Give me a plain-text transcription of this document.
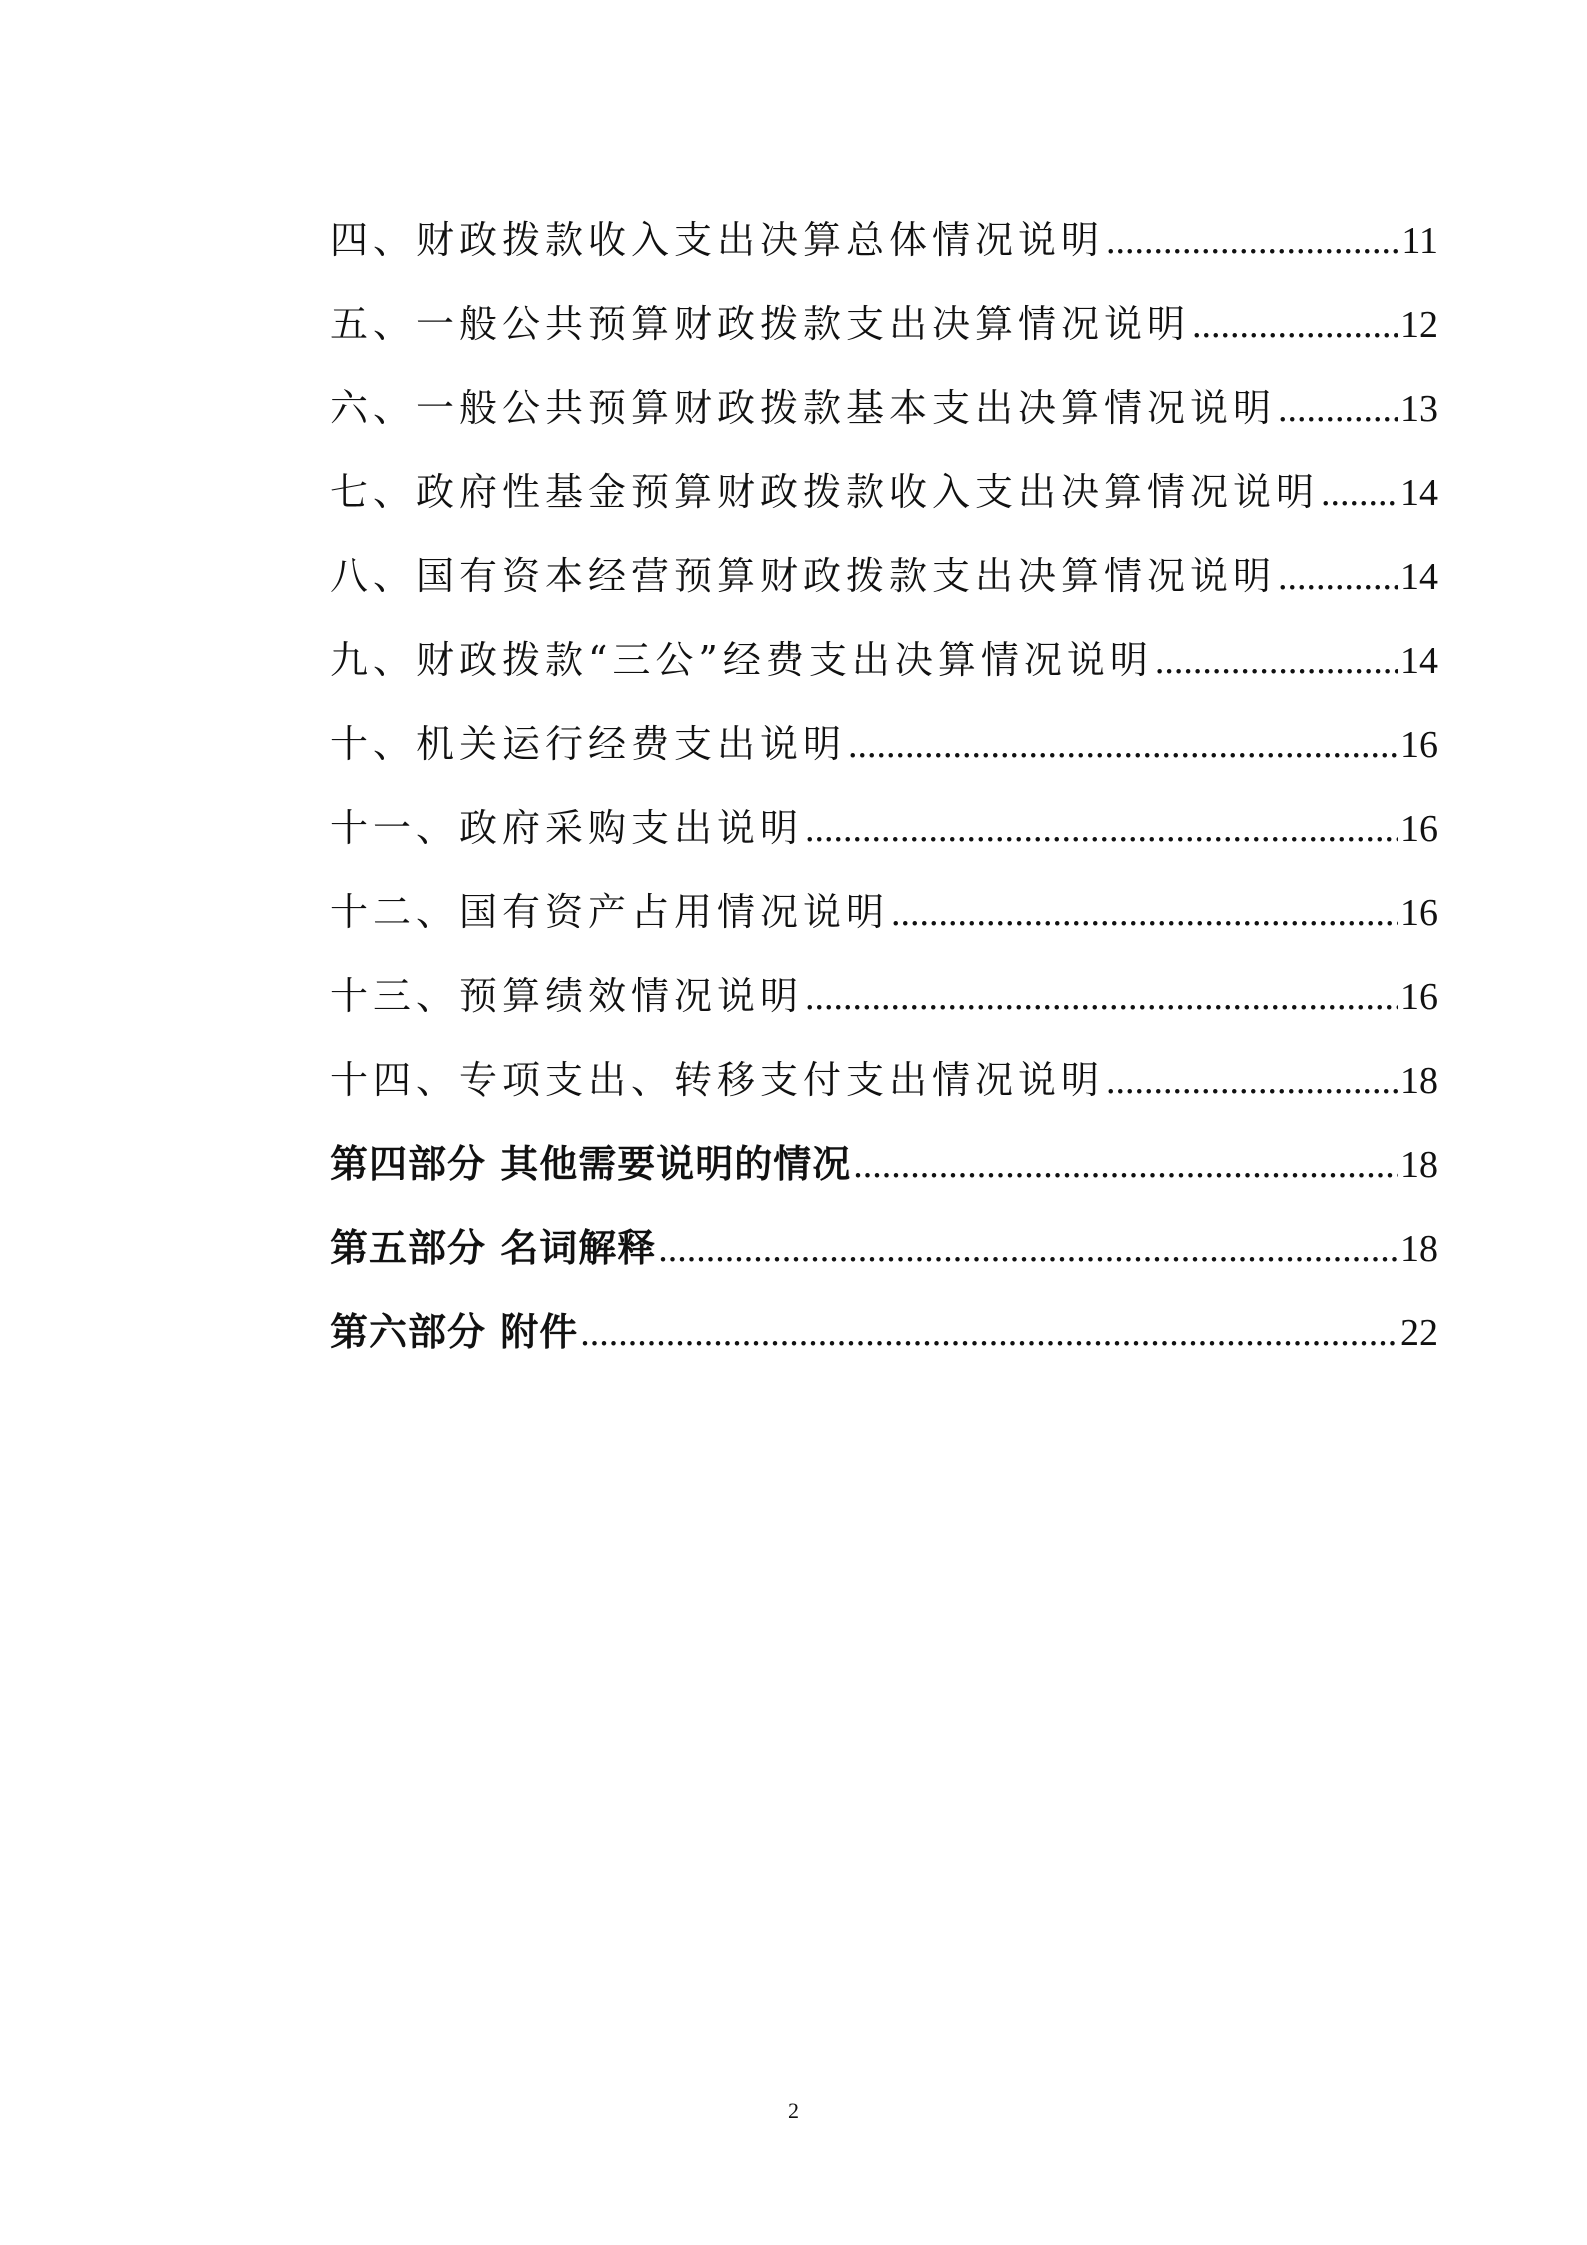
四、财政拨款收入支出决算总体情况说明 .....	11
五、一般公共预算财政拨款支出决算情况说明 .....	12
六、一般公共预算财政拨款基本支出决算情况说明 .....	13
七、政府性基金预算财政拨款收入支出决算情况说明 ..... 14
八、国有资本经营预算财政拨款支出决算情况说明 .....	14
九、财政拨款“三公”经费支出决算情况说明 .....	14
十、机关运行经费支出说明 .....	16
十一、政府采购支出说明 .....	16
十二、国有资产占用情况说明 .....	16
十三、预算绩效情况说明 .....	16
十四、专项支出、转移支付支出情况说明 .....	18
第四部分 其他需要说明的情况 .....	18
第五部分 名词解释 .....	18
第六部分 附件 .....	22
2
